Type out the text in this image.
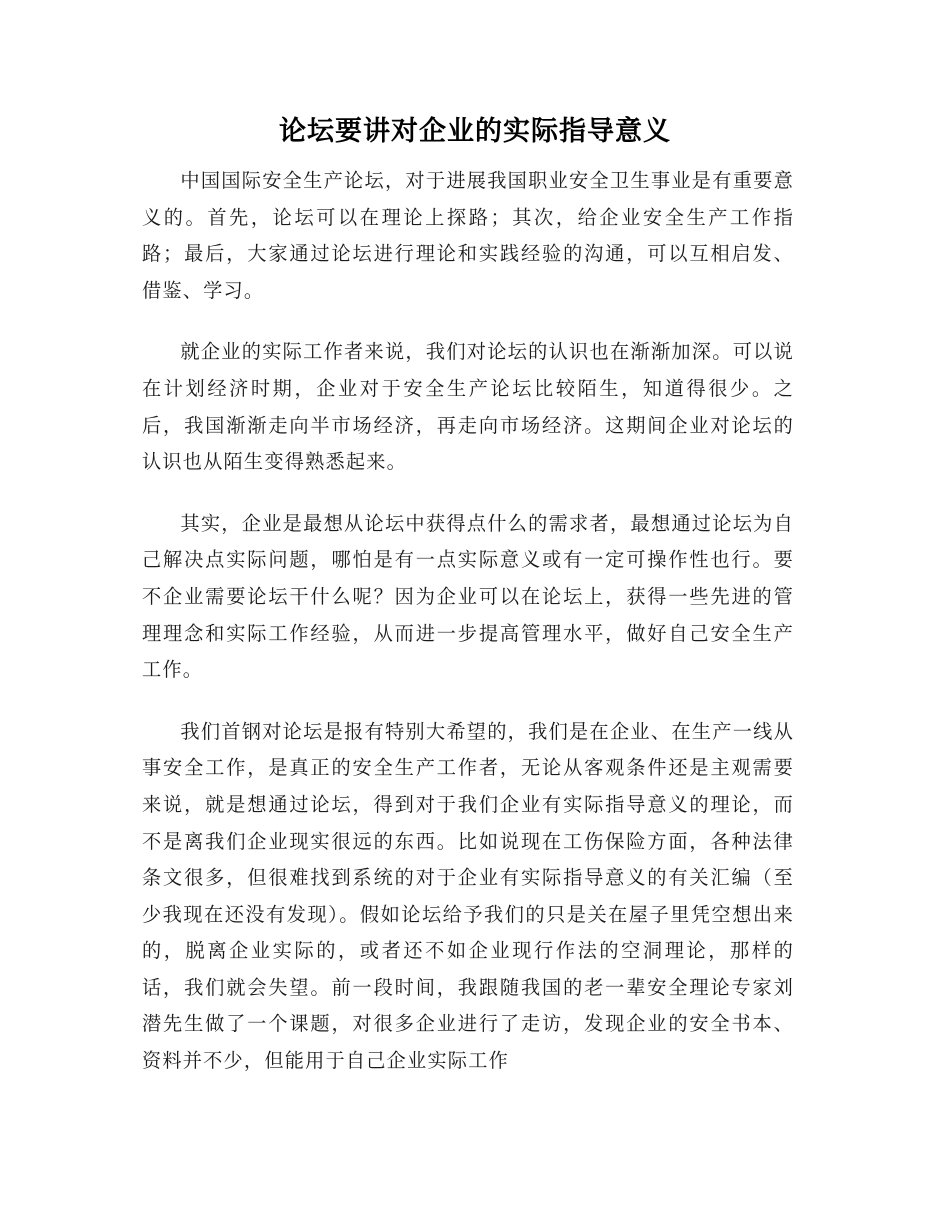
论坛要讲对企业的实际指导意义

中国国际安全生产论坛，对于进展我国职业安全卫生事业是有重要意义的。首先，论坛可以在理论上探路；其次，给企业安全生产工作指路；最后，大家通过论坛进行理论和实践经验的沟通，可以互相启发、借鉴、学习。

就企业的实际工作者来说，我们对论坛的认识也在渐渐加深。可以说在计划经济时期，企业对于安全生产论坛比较陌生，知道得很少。之后，我国渐渐走向半市场经济，再走向市场经济。这期间企业对论坛的认识也从陌生变得熟悉起来。

其实，企业是最想从论坛中获得点什么的需求者，最想通过论坛为自己解决点实际问题，哪怕是有一点实际意义或有一定可操作性也行。要不企业需要论坛干什么呢？因为企业可以在论坛上，获得一些先进的管理理念和实际工作经验，从而进一步提高管理水平，做好自己安全生产工作。

我们首钢对论坛是报有特别大希望的，我们是在企业、在生产一线从事安全工作，是真正的安全生产工作者，无论从客观条件还是主观需要来说，就是想通过论坛，得到对于我们企业有实际指导意义的理论，而不是离我们企业现实很远的东西。比如说现在工伤保险方面，各种法律条文很多，但很难找到系统的对于企业有实际指导意义的有关汇编（至少我现在还没有发现）。假如论坛给予我们的只是关在屋子里凭空想出来的，脱离企业实际的，或者还不如企业现行作法的空洞理论，那样的话，我们就会失望。前一段时间，我跟随我国的老一辈安全理论专家刘潜先生做了一个课题，对很多企业进行了走访，发现企业的安全书本、资料并不少，但能用于自己企业实际工作
